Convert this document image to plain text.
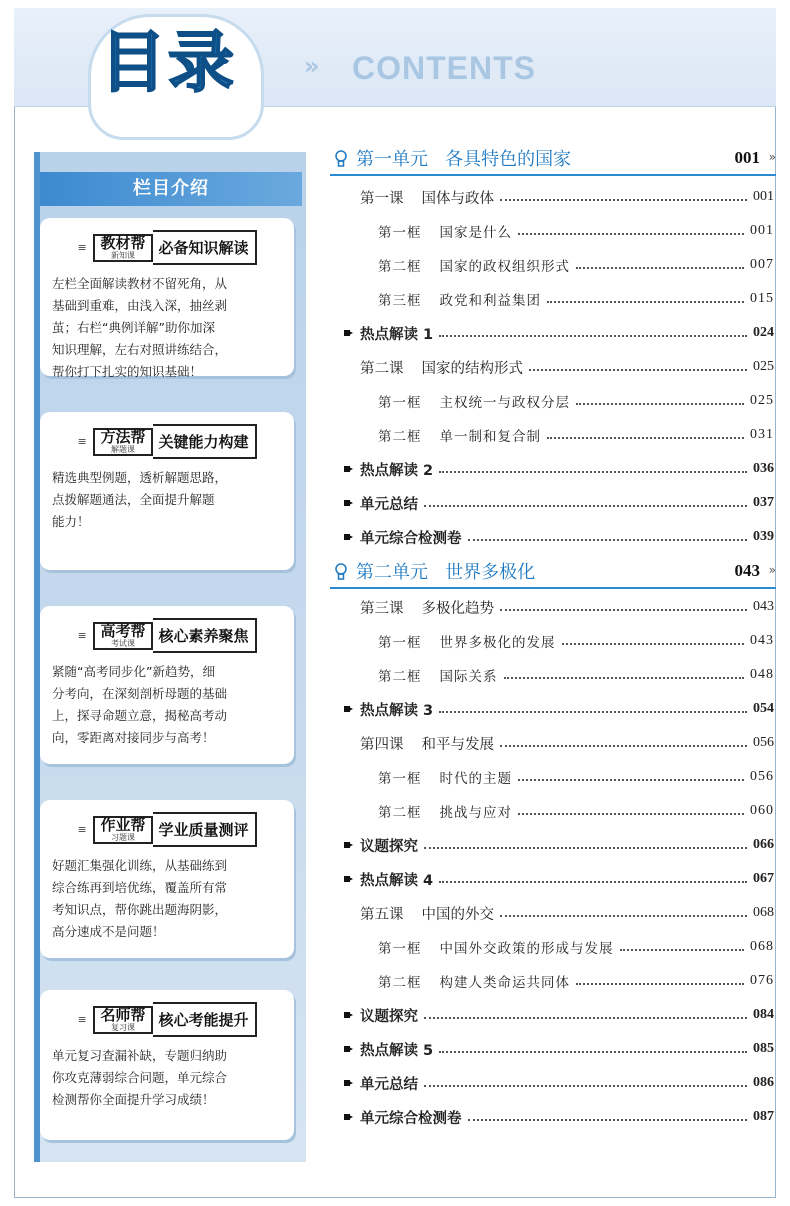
目录	» CONTENTS
栏目介绍
≡ 教材帮
新知课	必备知识解读
左栏全面解读教材不留死角，从
基础到重难，由浅入深，抽丝剥
茧；右栏“典例详解”助你加深
知识理解，左右对照讲练结合，
帮你打下扎实的知识基础！
≡ 方法帮
解题课	关键能力构建
精选典型例题，透析解题思路，
点拨解题通法，全面提升解题
能力！
≡ 高考帮
考试课	核心素养聚焦
紧随“高考同步化”新趋势，细
分考向，在深刻剖析母题的基础
上，探寻命题立意，揭秘高考动
向，零距离对接同步与高考！
≡ 作业帮
习题课	学业质量测评
好题汇集强化训练，从基础练到
综合练再到培优练，覆盖所有常
考知识点，帮你跳出题海阴影，
高分速成不是问题！
≡ 名师帮
复习课	核心考能提升
单元复习查漏补缺，专题归纳助
你攻克薄弱综合问题，单元综合
检测帮你全面提升学习成绩！
第一单元 各具特色的国家	001 »
第二单元 世界多极化	043 »
第一课 国体与政体	001
第一框 国家是什么	001
第二框 国家的政权组织形式	007
第三框 政党和利益集团	015
热点解读 1	024
第二课 国家的结构形式	025
第一框 主权统一与政权分层	025
第二框 单一制和复合制	031
热点解读 2	036
单元总结	037
单元综合检测卷	039
第三课 多极化趋势	043
第一框 世界多极化的发展	043
第二框 国际关系	048
热点解读 3	054
第四课 和平与发展	056
第一框 时代的主题	056
第二框 挑战与应对	060
议题探究	066
热点解读 4	067
第五课 中国的外交	068
第一框 中国外交政策的形成与发展	068
第二框 构建人类命运共同体	076
议题探究	084
热点解读 5	085
单元总结	086
单元综合检测卷	087
